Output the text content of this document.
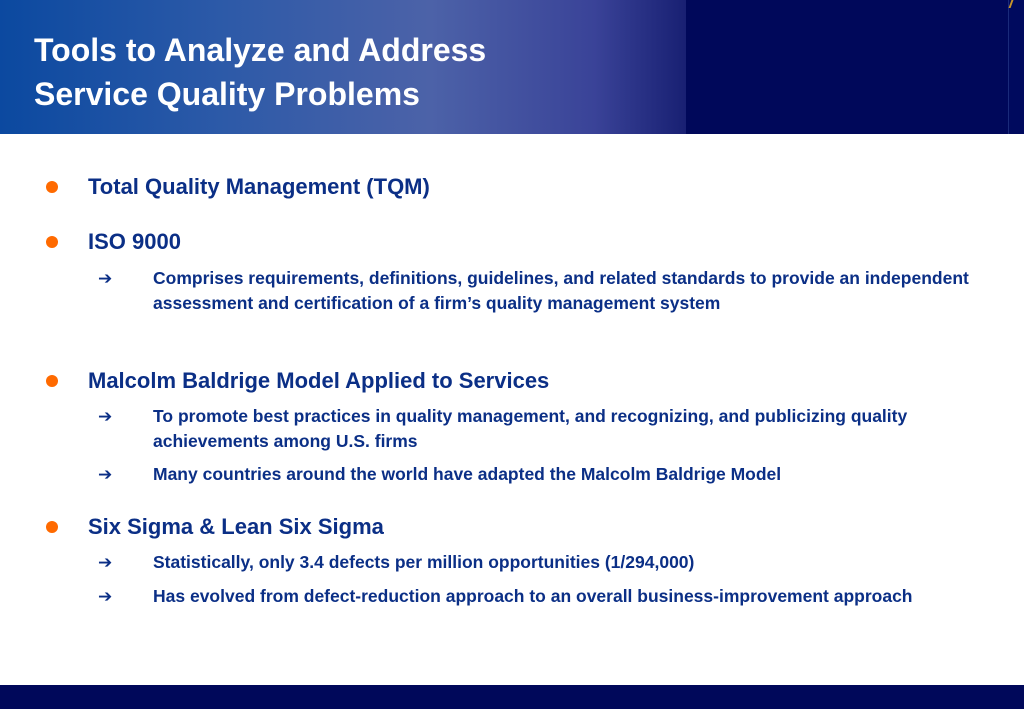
Tools to Analyze and Address
Service Quality Problems
Total Quality Management (TQM)
ISO 9000
➔ Comprises requirements, definitions, guidelines, and related standards to provide an independent assessment and certification of a firm’s quality management system
Malcolm Baldrige Model Applied to Services
➔ To promote best practices in quality management, and recognizing, and publicizing quality achievements among U.S. firms
➔ Many countries around the world have adapted the Malcolm Baldrige Model
Six Sigma & Lean Six Sigma
➔ Statistically, only 3.4 defects per million opportunities (1/294,000)
➔ Has evolved from defect-reduction approach to an overall business-improvement approach
